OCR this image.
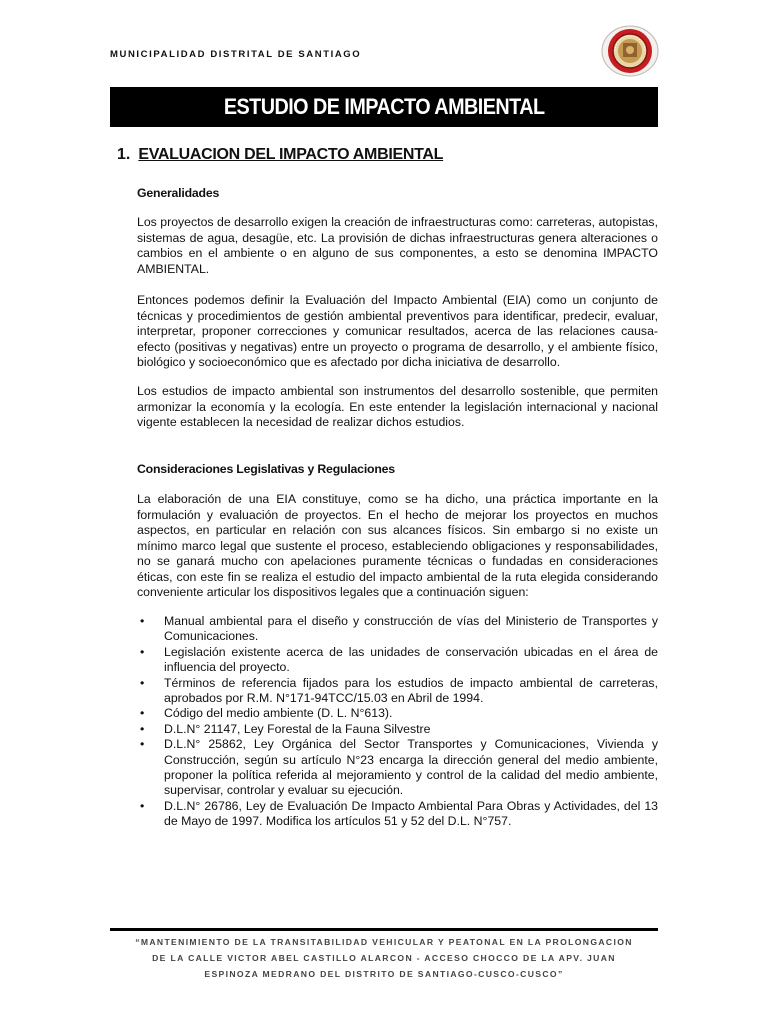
MUNICIPALIDAD DISTRITAL DE SANTIAGO
ESTUDIO DE IMPACTO AMBIENTAL
1. EVALUACION DEL IMPACTO AMBIENTAL
Generalidades
Los proyectos de desarrollo exigen la creación de infraestructuras como: carreteras, autopistas, sistemas de agua, desagüe, etc. La provisión de dichas infraestructuras genera alteraciones o cambios en el ambiente o en alguno de sus componentes, a esto se denomina IMPACTO AMBIENTAL.
Entonces podemos definir la Evaluación del Impacto Ambiental (EIA) como un conjunto de técnicas y procedimientos de gestión ambiental preventivos para identificar, predecir, evaluar, interpretar, proponer correcciones y comunicar resultados, acerca de las relaciones causa-efecto (positivas y negativas) entre un proyecto o programa de desarrollo, y el ambiente físico, biológico y socioeconómico que es afectado por dicha iniciativa de desarrollo.
Los estudios de impacto ambiental son instrumentos del desarrollo sostenible, que permiten armonizar la economía y la ecología. En este entender la legislación internacional y nacional vigente establecen la necesidad de realizar dichos estudios.
Consideraciones Legislativas y Regulaciones
La elaboración de una EIA constituye, como se ha dicho, una práctica importante en la formulación y evaluación de proyectos. En el hecho de mejorar los proyectos en muchos aspectos, en particular en relación con sus alcances físicos. Sin embargo si no existe un mínimo marco legal que sustente el proceso, estableciendo obligaciones y responsabilidades, no se ganará mucho con apelaciones puramente técnicas o fundadas en consideraciones éticas, con este fin se realiza el estudio del impacto ambiental de la ruta elegida considerando conveniente articular los dispositivos legales que a continuación siguen:
• Manual ambiental para el diseño y construcción de vías del Ministerio de Transportes y Comunicaciones.
• Legislación existente acerca de las unidades de conservación ubicadas en el área de influencia del proyecto.
• Términos de referencia fijados para los estudios de impacto ambiental de carreteras, aprobados por R.M. N°171-94TCC/15.03 en Abril de 1994.
• Código del medio ambiente (D. L. N°613).
• D.L.N° 21147, Ley Forestal de la Fauna Silvestre
• D.L.N° 25862, Ley Orgánica del Sector Transportes y Comunicaciones, Vivienda y Construcción, según su artículo N°23 encarga la dirección general del medio ambiente, proponer la política referida al mejoramiento y control de la calidad del medio ambiente, supervisar, controlar y evaluar su ejecución.
• D.L.N° 26786, Ley de Evaluación De Impacto Ambiental Para Obras y Actividades, del 13 de Mayo de 1997. Modifica los artículos 51 y 52 del D.L. N°757.
“MANTENIMIENTO DE LA TRANSITABILIDAD VEHICULAR Y PEATONAL EN LA PROLONGACION
DE LA CALLE VICTOR ABEL CASTILLO ALARCON - ACCESO CHOCCO DE LA APV. JUAN
ESPINOZA MEDRANO DEL DISTRITO DE SANTIAGO-CUSCO-CUSCO”
